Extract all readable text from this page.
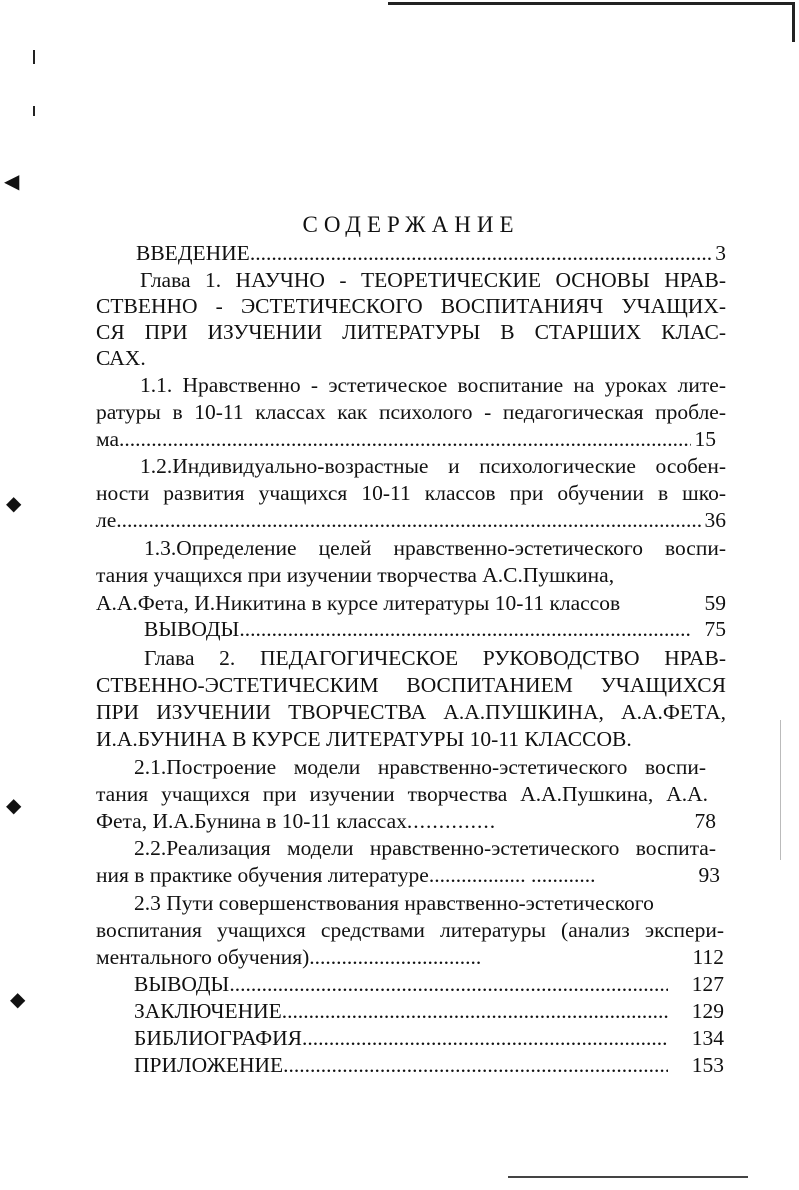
◀
◆
◆
◆
СОДЕРЖАНИЕ
ВВЕДЕНИЕ .....	3
Глава 1. НАУЧНО - ТЕОРЕТИЧЕСКИЕ ОСНОВЫ НРАВ-
СТВЕННО - ЭСТЕТИЧЕСКОГО ВОСПИТАНИЯЧ УЧАЩИХ-
СЯ ПРИ ИЗУЧЕНИИ ЛИТЕРАТУРЫ В СТАРШИХ КЛАС-
САХ.
1.1. Нравственно - эстетическое воспитание на уроках лите-
ратуры в 10-11 классах как психолого - педагогическая пробле-
ма .....	15
1.2.Индивидуально-возрастные и психологические особен-
ности развития учащихся 10-11 классов при обучении в шко-
ле .....	36
1.3.Определение целей нравственно-эстетического воспи-
тания учащихся при изучении творчества А.С.Пушкина,
А.А.Фета, И.Никитина в курсе литературы 10-11 классов	59
ВЫВОДЫ .....	75
Глава 2. ПЕДАГОГИЧЕСКОЕ РУКОВОДСТВО НРАВ-
СТВЕННО-ЭСТЕТИЧЕСКИМ ВОСПИТАНИЕМ УЧАЩИХСЯ
ПРИ ИЗУЧЕНИИ ТВОРЧЕСТВА А.А.ПУШКИНА, А.А.ФЕТА,
И.А.БУНИНА В КУРСЕ ЛИТЕРАТУРЫ 10-11 КЛАССОВ.
2.1.Построение модели нравственно-эстетического воспи-
тания учащихся при изучении творчества А.А.Пушкина, А.А.
Фета, И.А.Бунина в 10-11 классах..............	78
2.2.Реализация модели нравственно-эстетического воспита-
ния в практике обучения литературе.................. ............	93
2.3 Пути совершенствования нравственно-эстетического
воспитания учащихся средствами литературы (анализ экспери-
ментального обучения)................................	112
ВЫВОДЫ .....	127
ЗАКЛЮЧЕНИЕ .....	129
БИБЛИОГРАФИЯ .....	134
ПРИЛОЖЕНИЕ .....	153
